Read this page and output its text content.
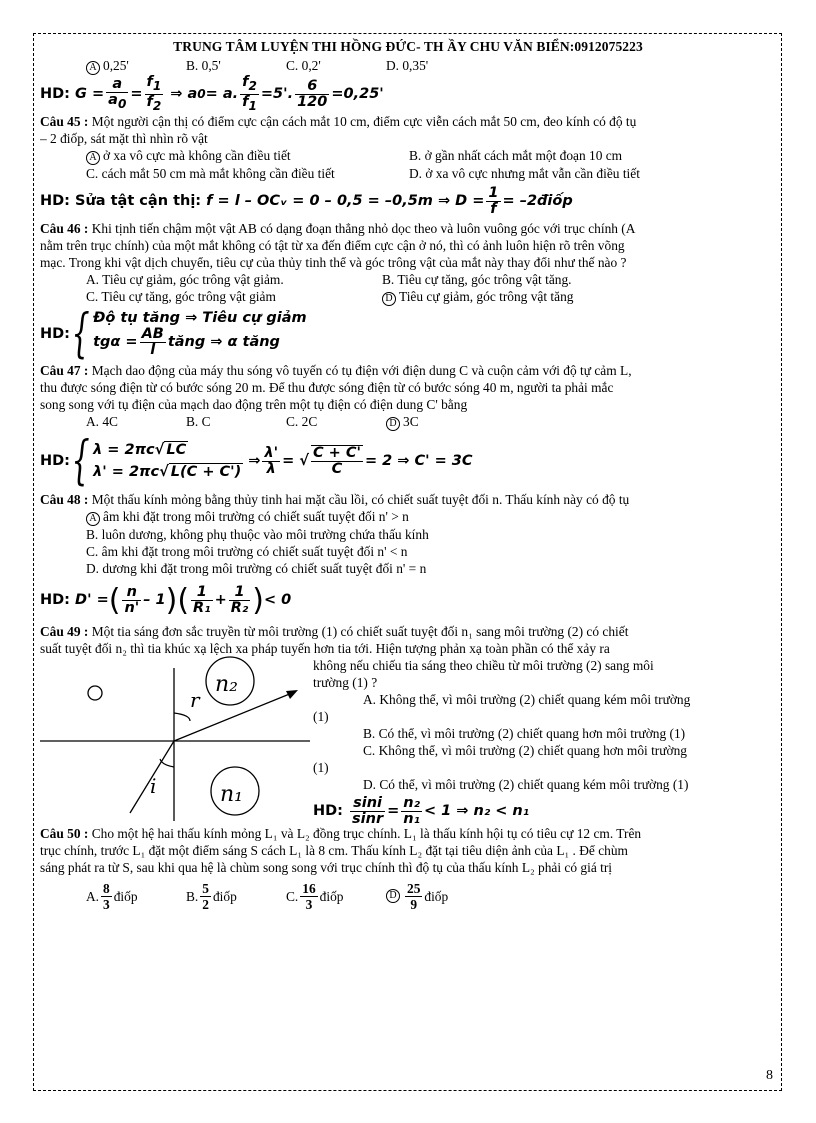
TRUNG TÂM LUYỆN THI HỒNG ĐỨC- TH ẦY CHU VĂN BIỂN:0912075223
A 0,25'	B. 0,5'	C. 0,2'	D. 0,35'
HD:
$G = \frac{a}{a_0} = \frac{f_1}{f_2}$ ⇒ a 0 = a. $\frac{f_2}{f_1} = 5'$ . $\frac{6}{120} = 0,25'$
Câu 45 : Một người cận thị có điểm cực cận cách mắt 10 cm, điểm cực viễn cách mắt 50 cm, đeo kính có độ tụ
– 2 điốp, sát mặt thì nhìn rõ vật
A ở xa vô cực mà không cần điều tiết	B. ở gần nhất cách mắt một đoạn 10 cm
C. cách mắt 50 cm mà mắt không cần điều tiết	D. ở xa vô cực nhưng mắt vẫn cần điều tiết
HD: Sửa tật cận thị:
f = l – OCᵥ = 0 – 0,5 = –0,5m ⇒ $D = \frac{1}{f}$ = –2điốp
Câu 46 : Khi tịnh tiến chậm một vật AB có dạng đoạn thẳng nhỏ dọc theo và luôn vuông góc với trục chính (A
nằm trên trục chính) của một mắt không có tật từ xa đến điểm cực cận ở nó, thì có ảnh luôn hiện rõ trên võng
mạc. Trong khi vật dịch chuyển, tiêu cự của thủy tinh thể và góc trông vật của mắt này thay đổi như thế nào ?
A. Tiêu cự giảm, góc trông vật giảm.	B. Tiêu cự tăng, góc trông vật tăng.
C. Tiêu cự tăng, góc trông vật giảm	D Tiêu cự giảm, góc trông vật tăng
HD: { Độ tụ tăng ⇒ Tiêu cự giảm
$tg\alpha = \frac{AB}{l}$ tăng ⇒ α tăng
Câu 47 : Mạch dao động của máy thu sóng vô tuyến có tụ điện với điện dung C và cuộn cảm với độ tự cảm L,
thu được sóng điện từ có bước sóng 20 m. Để thu được sóng điện từ có bước sóng 40 m, người ta phải mắc
song song với tụ điện của mạch dao động trên một tụ điện có điện dung C' bằng
A. 4C	B. C	C. 2C	D 3C
HD: { λ = 2πc√ LC
λ' = 2πc√ L(C + C')

⇒ $\frac{\lambda'}{\lambda}$ = √ $\frac{C + C'}{C} = 2$ ⇒ C' = 3C
Câu 48 : Một thấu kính mỏng bằng thủy tinh hai mặt cầu lồi, có chiết suất tuyệt đối n. Thấu kính này có độ tụ
A âm khi đặt trong môi trường có chiết suất tuyệt đối n' > n
B. luôn dương, không phụ thuộc vào môi trường chứa thấu kính
C. âm khi đặt trong môi trường có chiết suất tuyệt đối n' < n
D. dương khi đặt trong môi trường có chiết suất tuyệt đối n' = n
HD:
D' = ( $\frac{n}{n'} - 1$ )( $\frac{1}{\text{R₁}} + \frac{1}{\text{R₂}}$ ) < 0
Câu 49 : Một tia sáng đơn sắc truyền từ môi trường (1) có chiết suất tuyệt đối n₁ sang môi trường (2) có chiết
suất tuyệt đối n₂ thì tia khúc xạ lệch xa pháp tuyến hơn tia tới. Hiện tượng phản xạ toàn phần có thể xảy ra
n₂
n₁
r
i
không nếu chiếu tia sáng theo chiều từ môi trường (2) sang môi
trường (1) ?
A. Không thể, vì môi trường (2) chiết quang kém môi trường
(1)
B. Có thể, vì môi trường (2) chiết quang hơn môi trường (1)
C. Không thể, vì môi trường (2) chiết quang hơn môi trường
(1)
D. Có thể, vì môi trường (2) chiết quang kém môi trường (1)
HD:
$\frac{\sin i}{\sin r} = \frac{\text{n₂}}{\text{n₁}} < 1$ ⇒ n₂ < n₁
Câu 50 : Cho một hệ hai thấu kính mỏng L₁ và L₂ đồng trục chính. L₁ là thấu kính hội tụ có tiêu cự 12 cm. Trên
trục chính, trước L₁ đặt một điểm sáng S cách L₁ là 8 cm. Thấu kính L₂ đặt tại tiêu diện ảnh của L₁ . Để chùm
sáng phát ra từ S, sau khi qua hệ là chùm song song với trục chính thì độ tụ của thấu kính L₂ phải có giá trị
A. $\frac{8}{3}$ điốp	B. $\frac{5}{2}$ điốp	C. $\frac{16}{3}$ điốp	D $\frac{25}{9}$ điốp
8
